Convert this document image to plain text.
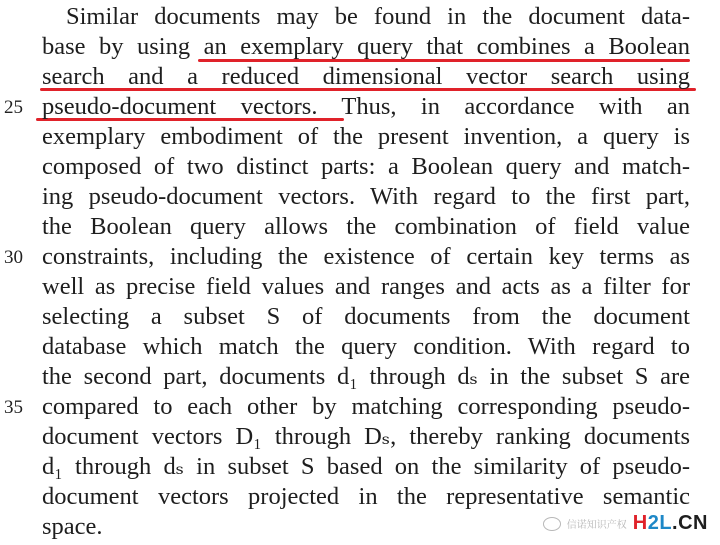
Similar documents may be found in the document data-
base by using an exemplary query that combines a Boolean
search and a reduced dimensional vector search using
pseudo-document vectors. Thus, in accordance with an
exemplary embodiment of the present invention, a query is
composed of two distinct parts: a Boolean query and match-
ing pseudo-document vectors. With regard to the first part,
the Boolean query allows the combination of field value
constraints, including the existence of certain key terms as
well as precise field values and ranges and acts as a filter for
selecting a subset S of documents from the document
database which match the query condition. With regard to
the second part, documents d₁ through dₛ in the subset S are
compared to each other by matching corresponding pseudo-
document vectors D₁ through Dₛ, thereby ranking documents
d₁ through dₛ in subset S based on the similarity of pseudo-
document vectors projected in the representative semantic
space.
25
30
35
信诺知识产权 H2L.CN
